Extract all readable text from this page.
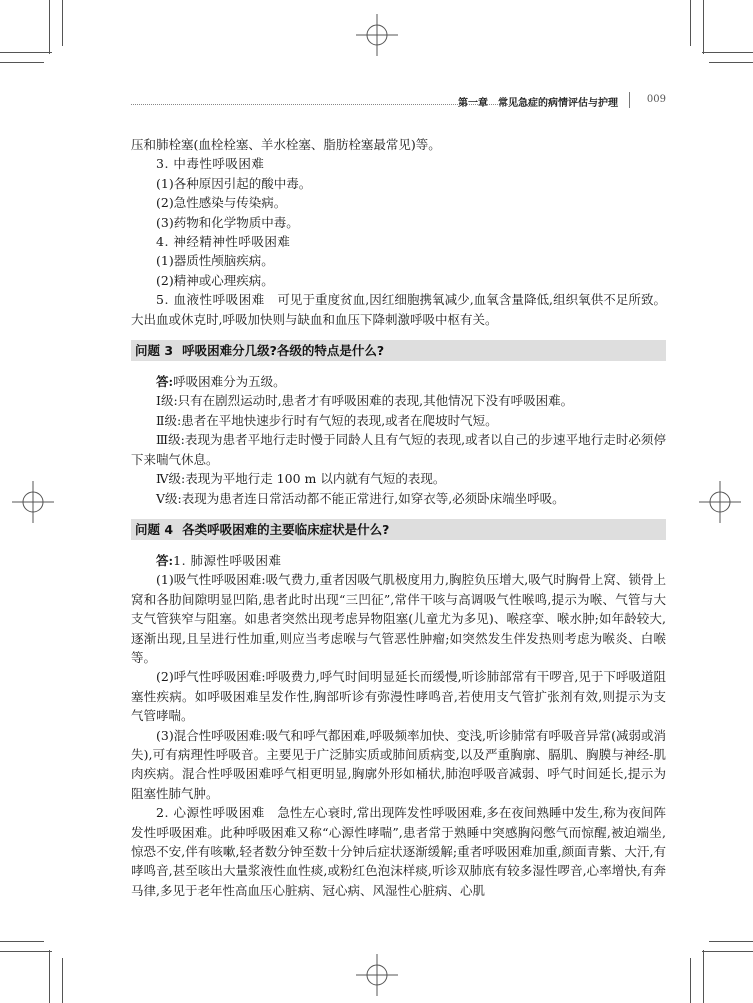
第一章　常见急症的病情评估与护理	009

压和肺栓塞(血栓栓塞、羊水栓塞、脂肪栓塞最常见)等。

3. 中毒性呼吸困难

(1)各种原因引起的酸中毒。

(2)急性感染与传染病。

(3)药物和化学物质中毒。

4. 神经精神性呼吸困难

(1)器质性颅脑疾病。

(2)精神或心理疾病。

5. 血液性呼吸困难　可见于重度贫血,因红细胞携氧减少,血氧含量降低,组织氧供不足所致。大出血或休克时,呼吸加快则与缺血和血压下降刺激呼吸中枢有关。

问题 3 呼吸困难分几级?各级的特点是什么?

答:呼吸困难分为五级。

Ⅰ级:只有在剧烈运动时,患者才有呼吸困难的表现,其他情况下没有呼吸困难。

Ⅱ级:患者在平地快速步行时有气短的表现,或者在爬坡时气短。

Ⅲ级:表现为患者平地行走时慢于同龄人且有气短的表现,或者以自己的步速平地行走时必须停下来喘气休息。

Ⅳ级:表现为平地行走 100 m 以内就有气短的表现。

Ⅴ级:表现为患者连日常活动都不能正常进行,如穿衣等,必须卧床端坐呼吸。

问题 4 各类呼吸困难的主要临床症状是什么?

答:1. 肺源性呼吸困难

(1)吸气性呼吸困难:吸气费力,重者因吸气肌极度用力,胸腔负压增大,吸气时胸骨上窝、锁骨上窝和各肋间隙明显凹陷,患者此时出现“三凹征”,常伴干咳与高调吸气性喉鸣,提示为喉、气管与大支气管狭窄与阻塞。如患者突然出现考虑异物阻塞(儿童尤为多见)、喉痉挛、喉水肿;如年龄较大,逐渐出现,且呈进行性加重,则应当考虑喉与气管恶性肿瘤;如突然发生伴发热则考虑为喉炎、白喉等。

(2)呼气性呼吸困难:呼吸费力,呼气时间明显延长而缓慢,听诊肺部常有干啰音,见于下呼吸道阻塞性疾病。如呼吸困难呈发作性,胸部听诊有弥漫性哮鸣音,若使用支气管扩张剂有效,则提示为支气管哮喘。

(3)混合性呼吸困难:吸气和呼气都困难,呼吸频率加快、变浅,听诊肺常有呼吸音异常(减弱或消失),可有病理性呼吸音。主要见于广泛肺实质或肺间质病变,以及严重胸廓、膈肌、胸膜与神经-肌肉疾病。混合性呼吸困难呼气相更明显,胸廓外形如桶状,肺泡呼吸音减弱、呼气时间延长,提示为阻塞性肺气肿。

2. 心源性呼吸困难　急性左心衰时,常出现阵发性呼吸困难,多在夜间熟睡中发生,称为夜间阵发性呼吸困难。此种呼吸困难又称“心源性哮喘”,患者常于熟睡中突感胸闷憋气而惊醒,被迫端坐,惊恐不安,伴有咳嗽,轻者数分钟至数十分钟后症状逐渐缓解;重者呼吸困难加重,颜面青紫、大汗,有哮鸣音,甚至咳出大量浆液性血性痰,或粉红色泡沫样痰,听诊双肺底有较多湿性啰音,心率增快,有奔马律,多见于老年性高血压心脏病、冠心病、风湿性心脏病、心肌
